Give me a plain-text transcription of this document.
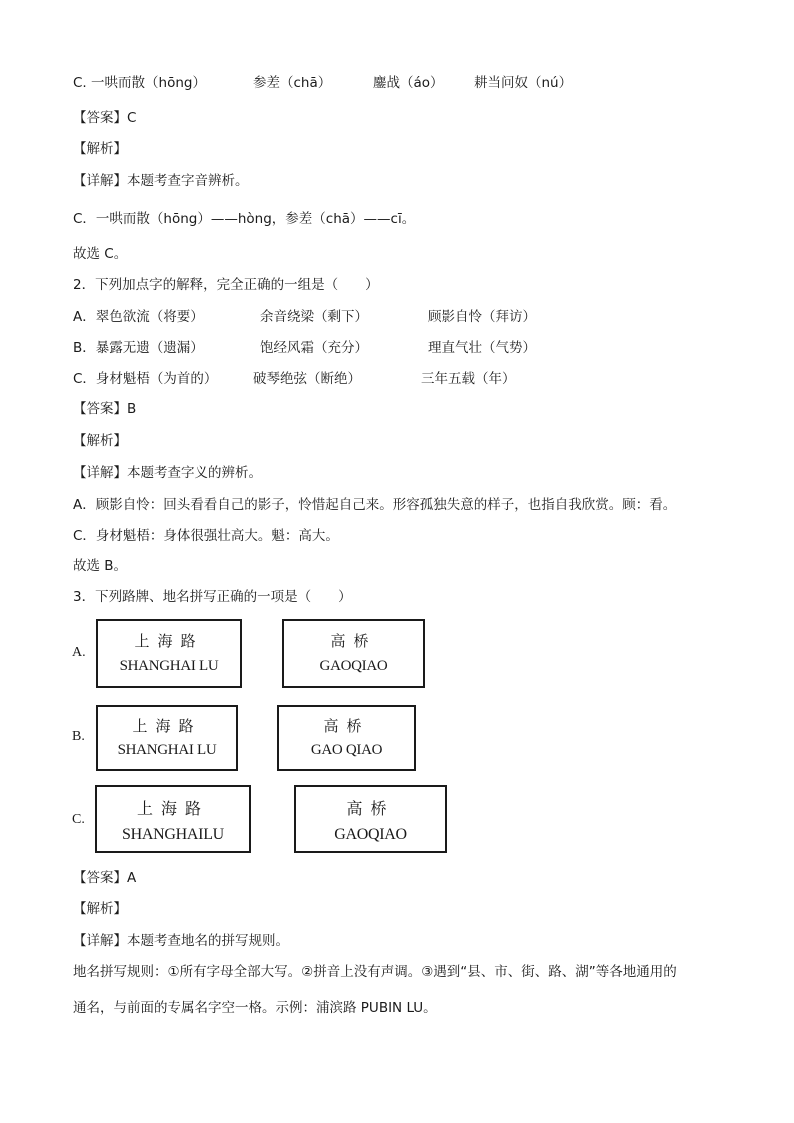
C. 一哄而散（hōng）	参差（chā）	鏖战（áo） 耕当问奴（nú）
【答案】C
【解析】
【详解】本题考查字音辨析。
C．一哄而散（hōng）——hòng，参差（chā）——cī。
故选 C。
2．下列加点字的解释，完全正确的一组是（　　）
A．翠色欲流（将要）	余音绕梁（剩下）	顾影自怜（拜访）
B．暴露无遗（遗漏）	饱经风霜（充分）	理直气壮（气势）
C．身材魁梧（为首的）	破琴绝弦（断绝）	三年五载（年）
【答案】B
【解析】
【详解】本题考查字义的辨析。
A．顾影自怜：回头看看自己的影子，怜惜起自己来。形容孤独失意的样子，也指自我欣赏。顾：看。
C．身材魁梧：身体很强壮高大。魁：高大。
故选 B。
3．下列路牌、地名拼写正确的一项是（　　）
A.
上海路
SHANGHAI LU
高桥
GAOQIAO
B.
上海路
SHANGHAI LU
高桥
GAO QIAO
C.
上海路
SHANGHAILU
高桥
GAOQIAO
【答案】A
【解析】
【详解】本题考查地名的拼写规则。
地名拼写规则：①所有字母全部大写。②拼音上没有声调。③遇到“县、市、街、路、湖”等各地通用的
通名，与前面的专属名字空一格。示例：浦滨路 PUBIN LU。
